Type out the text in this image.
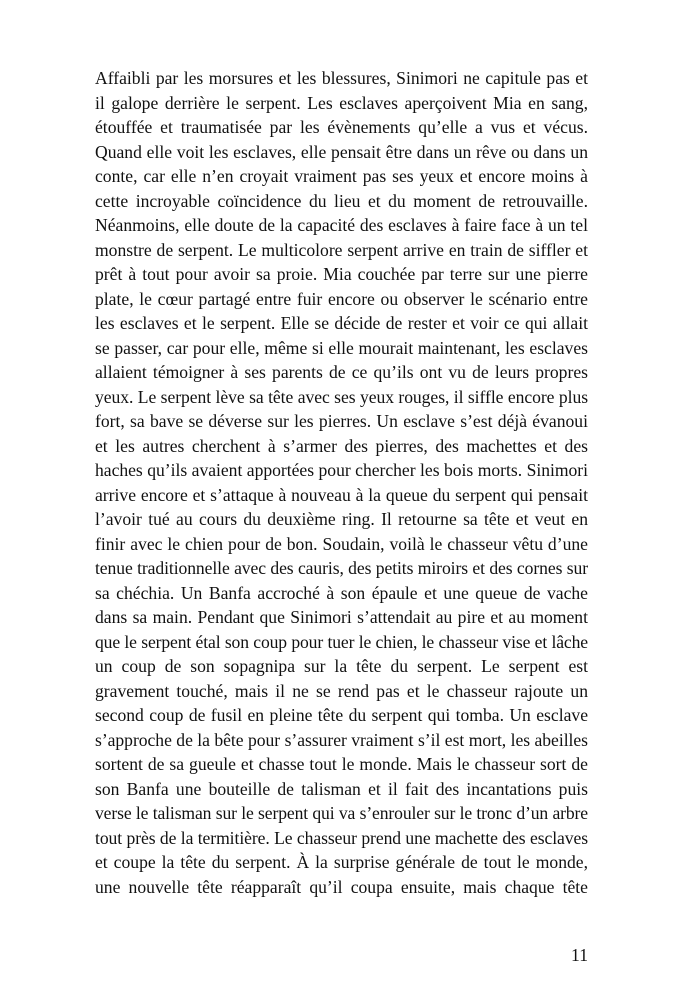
Affaibli par les morsures et les blessures, Sinimori ne capitule pas et
il galope derrière le serpent. Les esclaves aperçoivent Mia en sang,
étouffée et traumatisée par les évènements qu’elle a vus et vécus.
Quand elle voit les esclaves, elle pensait être dans un rêve ou dans un
conte, car elle n’en croyait vraiment pas ses yeux et encore moins à
cette incroyable coïncidence du lieu et du moment de retrouvaille.
Néanmoins, elle doute de la capacité des esclaves à faire face à un tel
monstre de serpent. Le multicolore serpent arrive en train de siffler et
prêt à tout pour avoir sa proie. Mia couchée par terre sur une pierre
plate, le cœur partagé entre fuir encore ou observer le scénario entre
les esclaves et le serpent. Elle se décide de rester et voir ce qui allait
se passer, car pour elle, même si elle mourait maintenant, les esclaves
allaient témoigner à ses parents de ce qu’ils ont vu de leurs propres
yeux. Le serpent lève sa tête avec ses yeux rouges, il siffle encore plus
fort, sa bave se déverse sur les pierres. Un esclave s’est déjà évanoui
et les autres cherchent à s’armer des pierres, des machettes et des
haches qu’ils avaient apportées pour chercher les bois morts. Sinimori
arrive encore et s’attaque à nouveau à la queue du serpent qui pensait
l’avoir tué au cours du deuxième ring. Il retourne sa tête et veut en
finir avec le chien pour de bon. Soudain, voilà le chasseur vêtu d’une
tenue traditionnelle avec des cauris, des petits miroirs et des cornes sur
sa chéchia. Un Banfa accroché à son épaule et une queue de vache
dans sa main. Pendant que Sinimori s’attendait au pire et au moment
que le serpent étal son coup pour tuer le chien, le chasseur vise et lâche
un coup de son sopagnipa sur la tête du serpent. Le serpent est
gravement touché, mais il ne se rend pas et le chasseur rajoute un
second coup de fusil en pleine tête du serpent qui tomba. Un esclave
s’approche de la bête pour s’assurer vraiment s’il est mort, les abeilles
sortent de sa gueule et chasse tout le monde. Mais le chasseur sort de
son Banfa une bouteille de talisman et il fait des incantations puis
verse le talisman sur le serpent qui va s’enrouler sur le tronc d’un arbre
tout près de la termitière. Le chasseur prend une machette des esclaves
et coupe la tête du serpent. À la surprise générale de tout le monde,
une nouvelle tête réapparaît qu’il coupa ensuite, mais chaque tête
11
